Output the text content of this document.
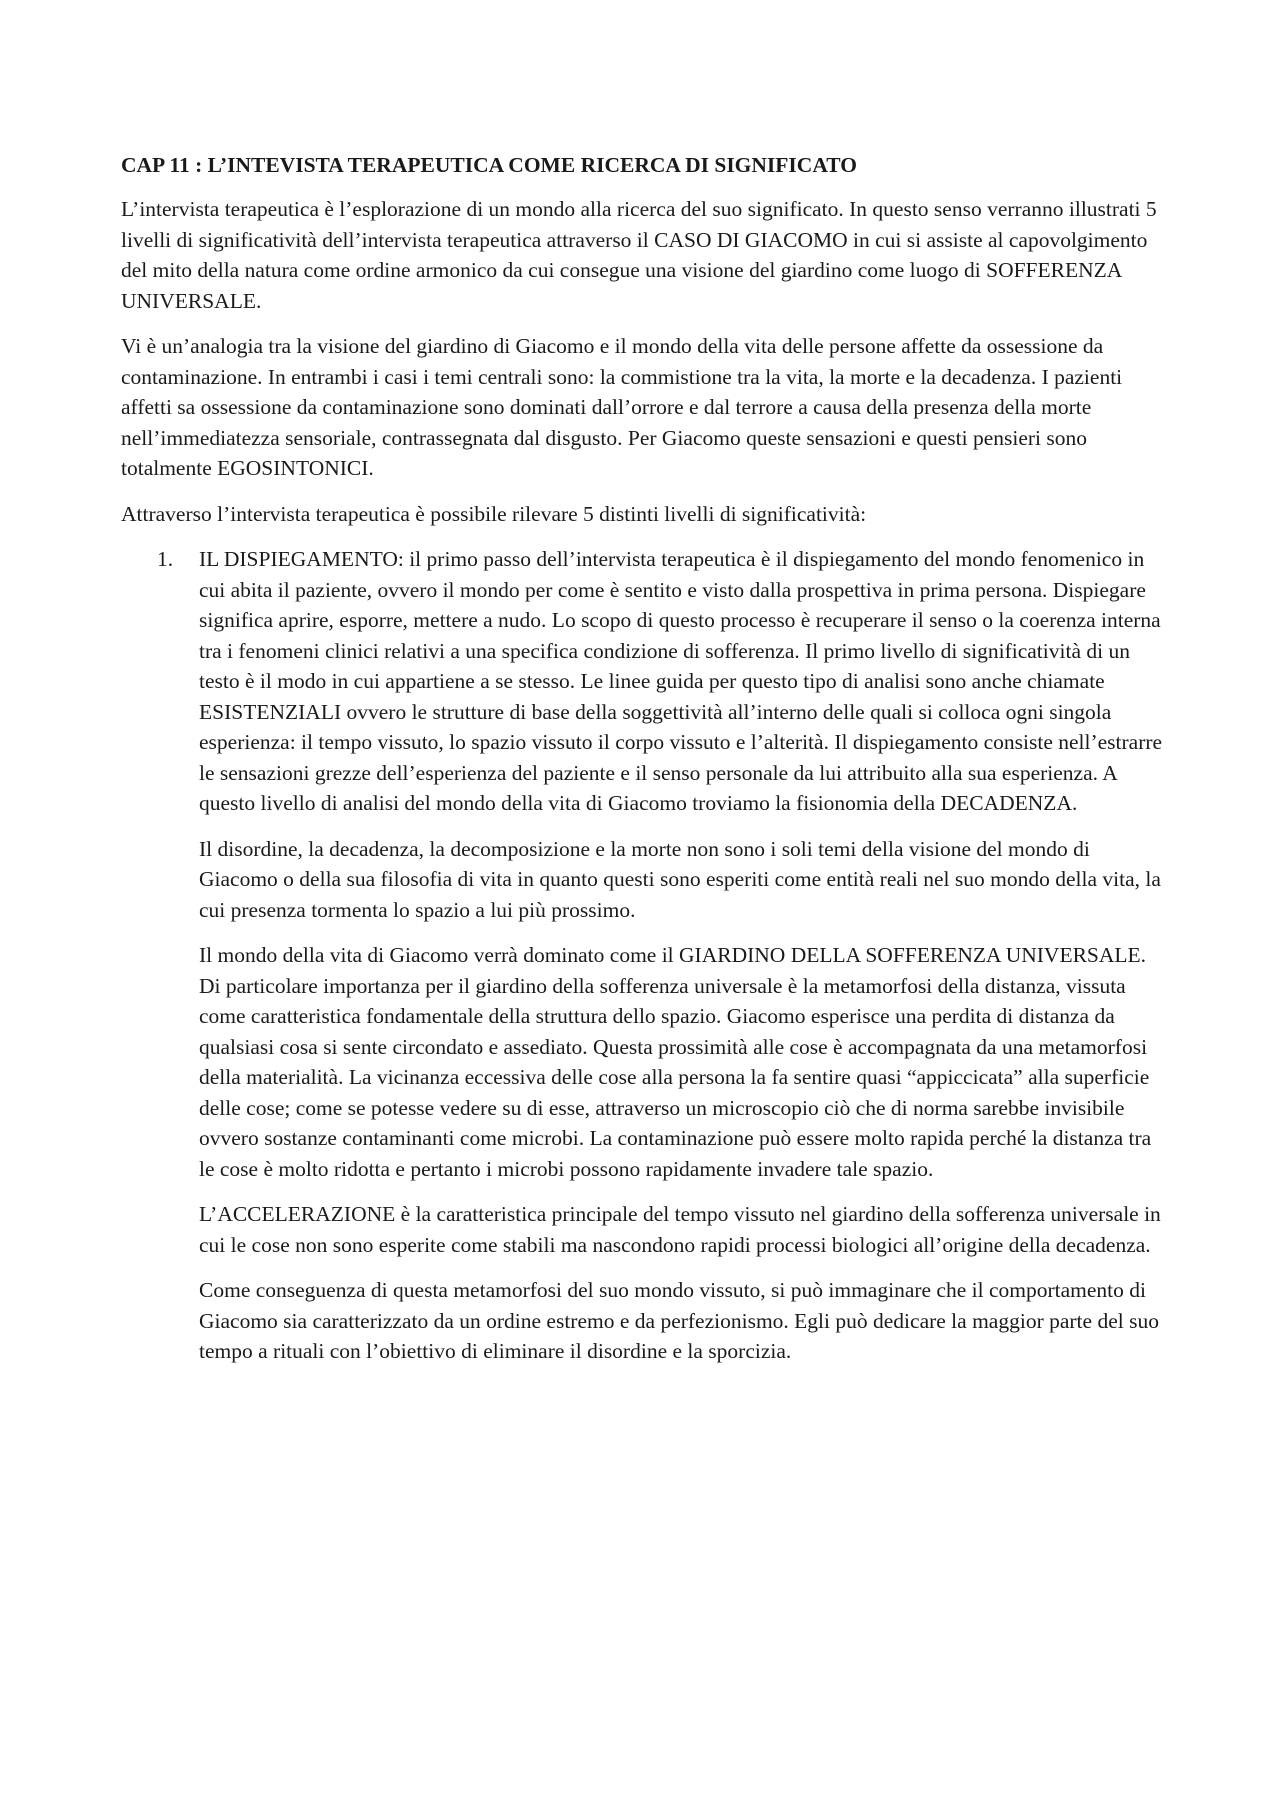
CAP 11 : L’INTEVISTA TERAPEUTICA COME RICERCA DI SIGNIFICATO

L’intervista terapeutica è l’esplorazione di un mondo alla ricerca del suo significato. In questo senso verranno illustrati 5 livelli di significatività dell’intervista terapeutica attraverso il CASO DI GIACOMO in cui si assiste al capovolgimento del mito della natura come ordine armonico da cui consegue una visione del giardino come luogo di SOFFERENZA UNIVERSALE.

Vi è un’analogia tra la visione del giardino di Giacomo e il mondo della vita delle persone affette da ossessione da contaminazione. In entrambi i casi i temi centrali sono: la commistione tra la vita, la morte e la decadenza. I pazienti affetti sa ossessione da contaminazione sono dominati dall’orrore e dal terrore a causa della presenza della morte nell’immediatezza sensoriale, contrassegnata dal disgusto. Per Giacomo queste sensazioni e questi pensieri sono totalmente EGOSINTONICI.

Attraverso l’intervista terapeutica è possibile rilevare 5 distinti livelli di significatività:

1. IL DISPIEGAMENTO: il primo passo dell’intervista terapeutica è il dispiegamento del mondo fenomenico in cui abita il paziente, ovvero il mondo per come è sentito e visto dalla prospettiva in prima persona. Dispiegare significa aprire, esporre, mettere a nudo. Lo scopo di questo processo è recuperare il senso o la coerenza interna tra i fenomeni clinici relativi a una specifica condizione di sofferenza. Il primo livello di significatività di un testo è il modo in cui appartiene a se stesso. Le linee guida per questo tipo di analisi sono anche chiamate ESISTENZIALI ovvero le strutture di base della soggettività all’interno delle quali si colloca ogni singola esperienza: il tempo vissuto, lo spazio vissuto il corpo vissuto e l’alterità. Il dispiegamento consiste nell’estrarre le sensazioni grezze dell’esperienza del paziente e il senso personale da lui attribuito alla sua esperienza. A questo livello di analisi del mondo della vita di Giacomo troviamo la fisionomia della DECADENZA.

Il disordine, la decadenza, la decomposizione e la morte non sono i soli temi della visione del mondo di Giacomo o della sua filosofia di vita in quanto questi sono esperiti come entità reali nel suo mondo della vita, la cui presenza tormenta lo spazio a lui più prossimo.

Il mondo della vita di Giacomo verrà dominato come il GIARDINO DELLA SOFFERENZA UNIVERSALE. Di particolare importanza per il giardino della sofferenza universale è la metamorfosi della distanza, vissuta come caratteristica fondamentale della struttura dello spazio. Giacomo esperisce una perdita di distanza da qualsiasi cosa si sente circondato e assediato. Questa prossimità alle cose è accompagnata da una metamorfosi della materialità. La vicinanza eccessiva delle cose alla persona la fa sentire quasi “appiccicata” alla superficie delle cose; come se potesse vedere su di esse, attraverso un microscopio ciò che di norma sarebbe invisibile ovvero sostanze contaminanti come microbi. La contaminazione può essere molto rapida perché la distanza tra le cose è molto ridotta e pertanto i microbi possono rapidamente invadere tale spazio.

L’ACCELERAZIONE è la caratteristica principale del tempo vissuto nel giardino della sofferenza universale in cui le cose non sono esperite come stabili ma nascondono rapidi processi biologici all’origine della decadenza.

Come conseguenza di questa metamorfosi del suo mondo vissuto, si può immaginare che il comportamento di Giacomo sia caratterizzato da un ordine estremo e da perfezionismo. Egli può dedicare la maggior parte del suo tempo a rituali con l’obiettivo di eliminare il disordine e la sporcizia.
